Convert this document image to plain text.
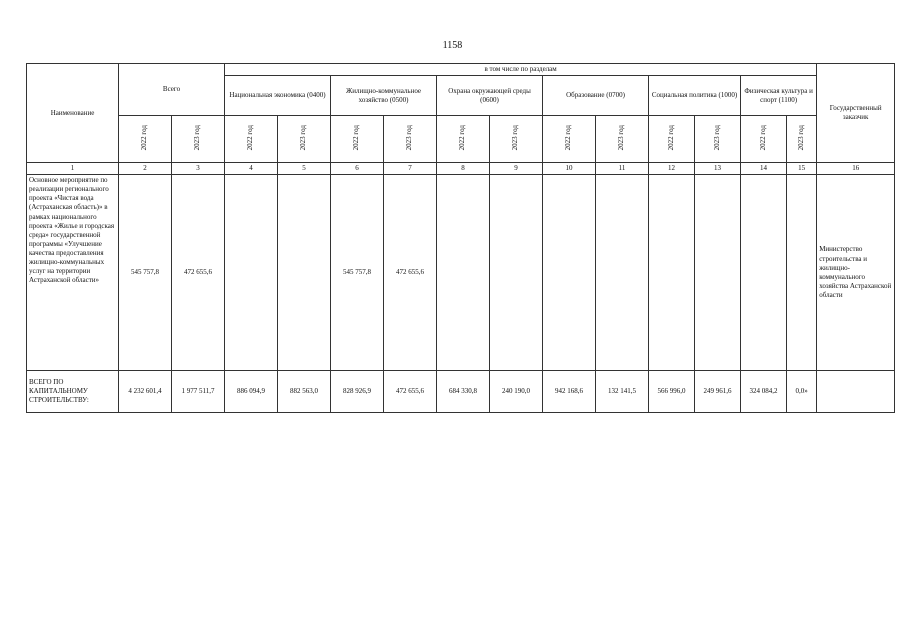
1158
Наименование	Всего		в том числе по разделам												Государственный заказчик
			Национальная экономика (0400)		Жилищно-коммунальное хозяйство (0500)		Охрана окружающей среды (0600)		Образование (0700)		Социальная политика (1000)		Физическая культура и спорт (1100)		
	2022 год	2023 год	2022 год	2023 год	2022 год	2023 год	2022 год	2023 год	2022 год	2023 год	2022 год	2023 год	2022 год	2023 год	
1	2	3	4	5	6	7	8	9	10	11	12	13	14	15	16
Основное мероприятие по реализации регионального проекта «Чистая вода (Астраханская область)» в рамках национального проекта «Жилье и городская среда» государственной программы «Улучшение качества предоставления жилищно-коммунальных услуг на территории Астраханской области»	545 757,8	472 655,6			545 757,8	472 655,6									Министерство строительства и жилищно-коммунального хозяйства Астраханской области
ВСЕГО ПО КАПИТАЛЬНОМУ СТРОИТЕЛЬСТВУ:	4 232 601,4	1 977 511,7	886 094,9	882 563,0	828 926,9	472 655,6	684 330,8	240 190,0	942 168,6	132 141,5	566 996,0	249 961,6	324 084,2	0,0»	
